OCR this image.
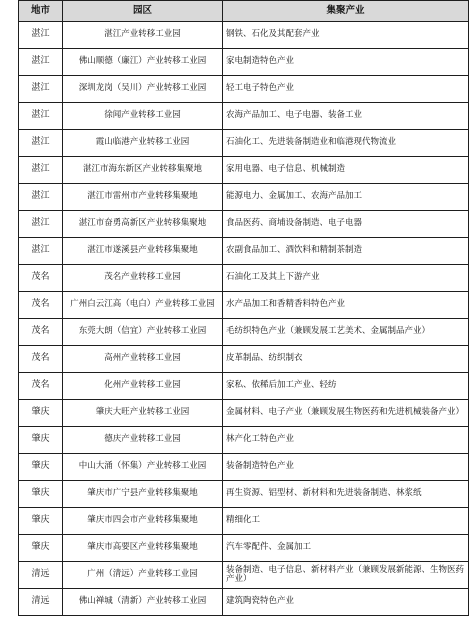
地市	园区	集聚产业
湛江	湛江产业转移工业园	钢铁、石化及其配套产业
湛江	佛山顺德（廉江）产业转移工业园	家电制造特色产业
湛江	深圳龙岗（吴川）产业转移工业园	轻工电子特色产业
湛江	徐闻产业转移工业园	农海产品加工、电子电器、装备工业
湛江	霞山临港产业转移工业园	石油化工、先进装备制造业和临港现代物流业
湛江	湛江市海东新区产业转移集聚地	家用电器、电子信息、机械制造
湛江	湛江市雷州市产业转移集聚地	能源电力、金属加工、农海产品加工
湛江	湛江市奋勇高新区产业转移集聚地	食品医药、商埔设备制造、电子电器
湛江	湛江市遂溪县产业转移集聚地	农副食品加工、酒饮料和精制茶制造
茂名	茂名产业转移工业园	石油化工及其上下游产业
茂名	广州白云江高（电白）产业转移工业园	水产品加工和香精香料特色产业
茂名	东莞大朗（信宜）产业转移工业园	毛纺织特色产业（兼顾发展工艺美术、金属制品产业）
茂名	高州产业转移工业园	皮革制品、纺织制衣
茂名	化州产业转移工业园	家私、依稀后加工产业、轻纺
肇庆	肇庆大旺产业转移工业园	金属材料、电子产业（兼顾发展生物医药和先进机械装备产业）
肇庆	德庆产业转移工业园	林产化工特色产业
肇庆	中山大涌（怀集）产业转移工业园	装备制造特色产业
肇庆	肇庆市广宁县产业转移集聚地	再生资源、铝型材、新材料和先进装备制造、林浆纸
肇庆	肇庆市四会市产业转移集聚地	精细化工
肇庆	肇庆市高要区产业转移集聚地	汽车零配件、金属加工
清远	广州（清远）产业转移工业园	装备制造、电子信息、新材料产业（兼顾发展新能源、生物医药产业）
清远	佛山禅城（清新）产业转移工业园	建筑陶瓷特色产业
